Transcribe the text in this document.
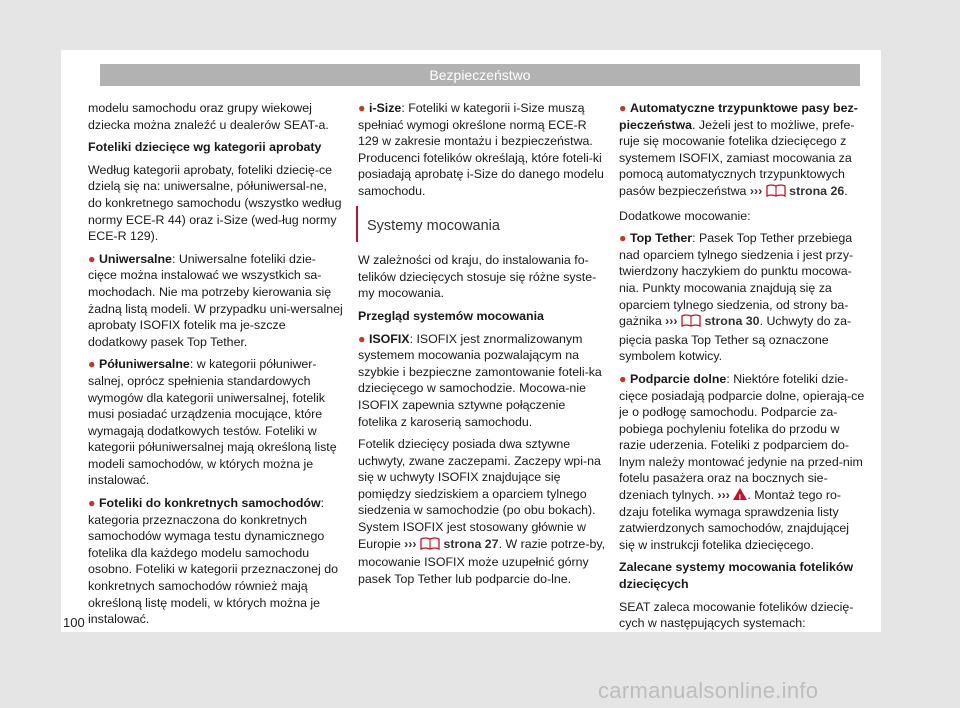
Bezpieczeństwo

modelu samochodu oraz grupy wiekowej dziecka można znaleźć u dealerów SEAT-a.

Foteliki dziecięce wg kategorii aprobaty

Według kategorii aprobaty, foteliki dziecię-ce dzielą się na: uniwersalne, półuniwersal-ne, do konkretnego samochodu (wszystko według normy ECE-R 44) oraz i-Size (wed-ług normy ECE-R 129).

● Uniwersalne: Uniwersalne foteliki dzie-cięce można instalować we wszystkich sa-mochodach. Nie ma potrzeby kierowania się żadną listą modeli. W przypadku uni-wersalnej aprobaty ISOFIX fotelik ma je-szcze dodatkowy pasek Top Tether.

● Półuniwersalne: w kategorii półuniwer-salnej, oprócz spełnienia standardowych wymogów dla kategorii uniwersalnej, fotelik musi posiadać urządzenia mocujące, które wymagają dodatkowych testów. Foteliki w kategorii półuniwersalnej mają określoną listę modeli samochodów, w których można je instalować.

● Foteliki do konkretnych samochodów: kategoria przeznaczona do konkretnych samochodów wymaga testu dynamicznego fotelika dla każdego modelu samochodu osobno. Foteliki w kategorii przeznaczonej do konkretnych samochodów również mają określoną listę modeli, w których można je instalować.

● i-Size: Foteliki w kategorii i-Size muszą spełniać wymogi określone normą ECE-R 129 w zakresie montażu i bezpieczeństwa. Producenci fotelików określają, które foteli-ki posiadają aprobatę i-Size do danego modelu samochodu.

Systemy mocowania

W zależności od kraju, do instalowania fo-telików dziecięcych stosuje się różne syste-my mocowania.

Przegląd systemów mocowania

● ISOFIX: ISOFIX jest znormalizowanym systemem mocowania pozwalającym na szybkie i bezpieczne zamontowanie foteli-ka dziecięcego w samochodzie. Mocowa-nie ISOFIX zapewnia sztywne połączenie fotelika z karoserią samochodu.

Fotelik dziecięcy posiada dwa sztywne uchwyty, zwane zaczepami. Zaczepy wpi-na się w uchwyty ISOFIX znajdujące się pomiędzy siedziskiem a oparciem tylnego siedzenia w samochodzie (po obu bokach). System ISOFIX jest stosowany głównie w Europie ››› strona 27. W razie potrze-by, mocowanie ISOFIX może uzupełnić górny pasek Top Tether lub podparcie do-lne.

● Automatyczne trzypunktowe pasy bez-pieczeństwa. Jeżeli jest to możliwe, prefe-ruje się mocowanie fotelika dziecięcego z systemem ISOFIX, zamiast mocowania za pomocą automatycznych trzypunktowych pasów bezpieczeństwa ››› strona 26.

Dodatkowe mocowanie:

● Top Tether: Pasek Top Tether przebiega nad oparciem tylnego siedzenia i jest przy-twierdzony haczykiem do punktu mocowa-nia. Punkty mocowania znajdują się za oparciem tylnego siedzenia, od strony ba-gażnika ››› strona 30. Uchwyty do za-pięcia paska Top Tether są oznaczone symbolem kotwicy.

● Podparcie dolne: Niektóre foteliki dzie-cięce posiadają podparcie dolne, opierają-ce je o podłogę samochodu. Podparcie za-pobiega pochyleniu fotelika do przodu w razie uderzenia. Foteliki z podparciem do-lnym należy montować jedynie na przed-nim fotelu pasażera oraz na bocznych sie-dzeniach tylnych. ››› ! . Montaż tego ro-dzaju fotelika wymaga sprawdzenia listy zatwierdzonych samochodów, znajdującej się w instrukcji fotelika dziecięcego.

Zalecane systemy mocowania fotelików dziecięcych

SEAT zaleca mocowanie fotelików dziecię-cych w następujących systemach:

100
carmanualsonline.info
